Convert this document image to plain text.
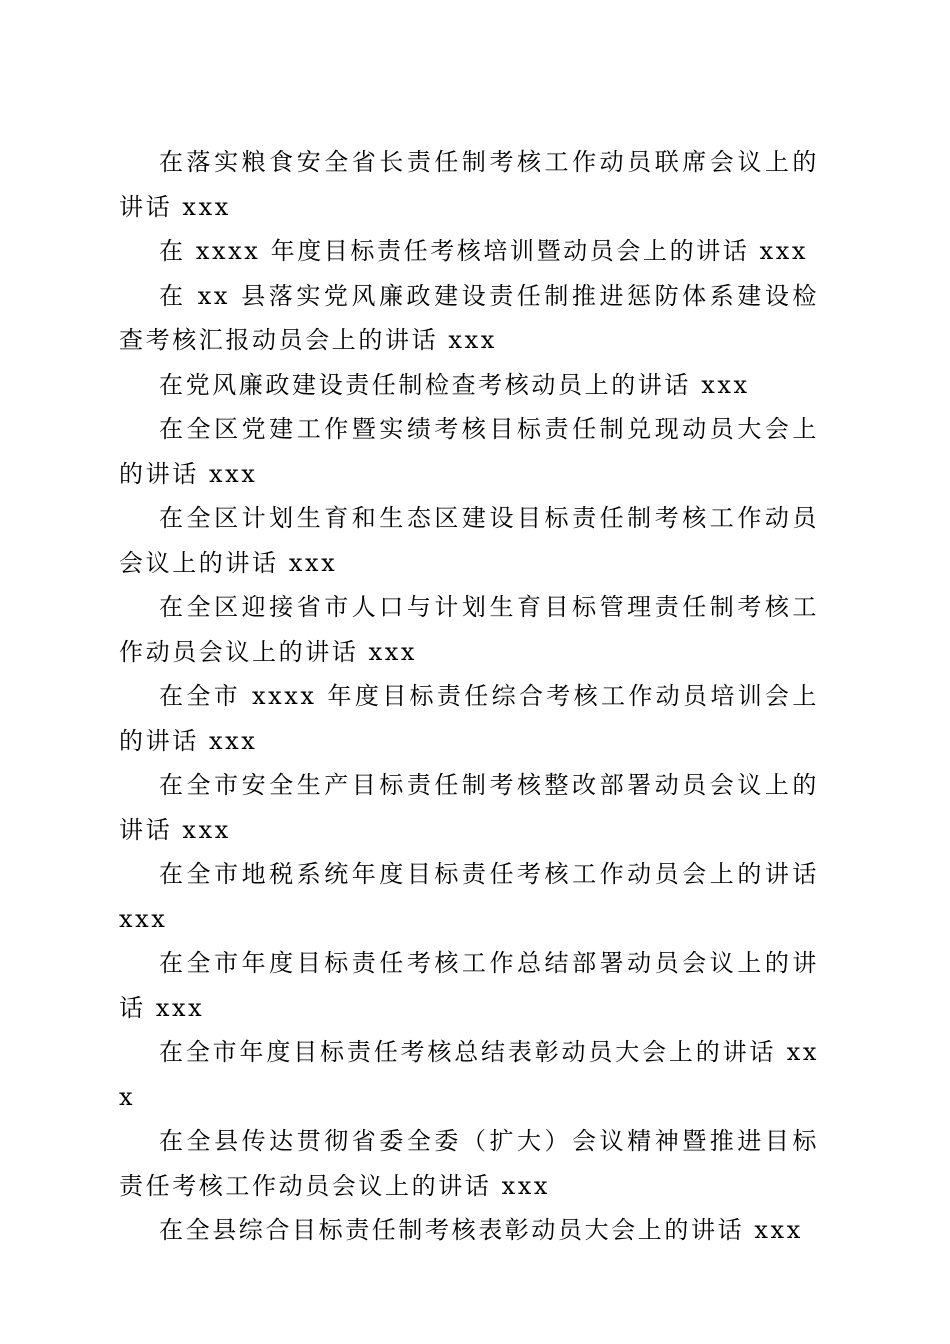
在落实粮食安全省长责任制考核工作动员联席会议上的讲话 xxx

在 xxxx 年度目标责任考核培训暨动员会上的讲话 xxx

在 xx 县落实党风廉政建设责任制推进惩防体系建设检查考核汇报动员会上的讲话 xxx

在党风廉政建设责任制检查考核动员上的讲话 xxx

在全区党建工作暨实绩考核目标责任制兑现动员大会上的讲话 xxx

在全区计划生育和生态区建设目标责任制考核工作动员会议上的讲话 xxx

在全区迎接省市人口与计划生育目标管理责任制考核工作动员会议上的讲话 xxx

在全市 xxxx 年度目标责任综合考核工作动员培训会上的讲话 xxx

在全市安全生产目标责任制考核整改部署动员会议上的讲话 xxx

在全市地税系统年度目标责任考核工作动员会上的讲话 xxx

在全市年度目标责任考核工作总结部署动员会议上的讲话 xxx

在全市年度目标责任考核总结表彰动员大会上的讲话 xxx

在全县传达贯彻省委全委（扩大）会议精神暨推进目标责任考核工作动员会议上的讲话 xxx

在全县综合目标责任制考核表彰动员大会上的讲话 xxx
